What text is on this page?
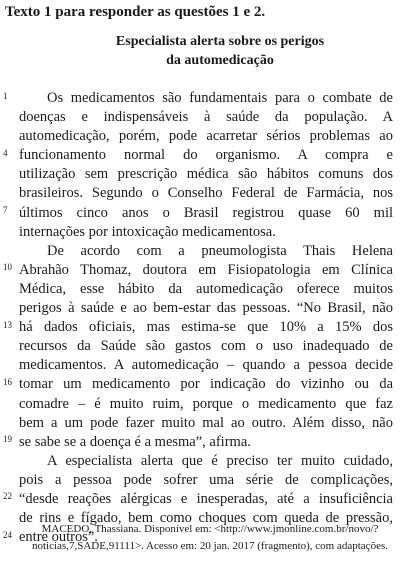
Texto 1 para responder as questões 1 e 2.
Especialista alerta sobre os perigos
da automedicação
1
4
7
10
13
16
19
22
24
Os medicamentos são fundamentais para o combate de
doenças e indispensáveis à saúde da população. A
automedicação, porém, pode acarretar sérios problemas ao
funcionamento normal do organismo. A compra e
utilização sem prescrição médica são hábitos comuns dos
brasileiros. Segundo o Conselho Federal de Farmácia, nos
últimos cinco anos o Brasil registrou quase 60 mil
internações por intoxicação medicamentosa.
De acordo com a pneumologista Thais Helena
Abrahão Thomaz, doutora em Fisiopatologia em Clínica
Médica, esse hábito da automedicação oferece muitos
perigos à saúde e ao bem-estar das pessoas. “No Brasil, não
há dados oficiais, mas estima-se que 10% a 15% dos
recursos da Saúde são gastos com o uso inadequado de
medicamentos. A automedicação – quando a pessoa decide
tomar um medicamento por indicação do vizinho ou da
comadre – é muito ruim, porque o medicamento que faz
bem a um pode fazer muito mal ao outro. Além disso, não
se sabe se a doença é a mesma”, afirma.
A especialista alerta que é preciso ter muito cuidado,
pois a pessoa pode sofrer uma série de complicações,
“desde reações alérgicas e inesperadas, até a insuficiência
de rins e fígado, bem como choques com queda de pressão,
entre outros”.
MACEDO, Thassiana. Disponível em: <http://www.jmonline.com.br/novo/?
noticias,7,SADE,91111>. Acesso em: 20 jan. 2017 (fragmento), com adaptações.
